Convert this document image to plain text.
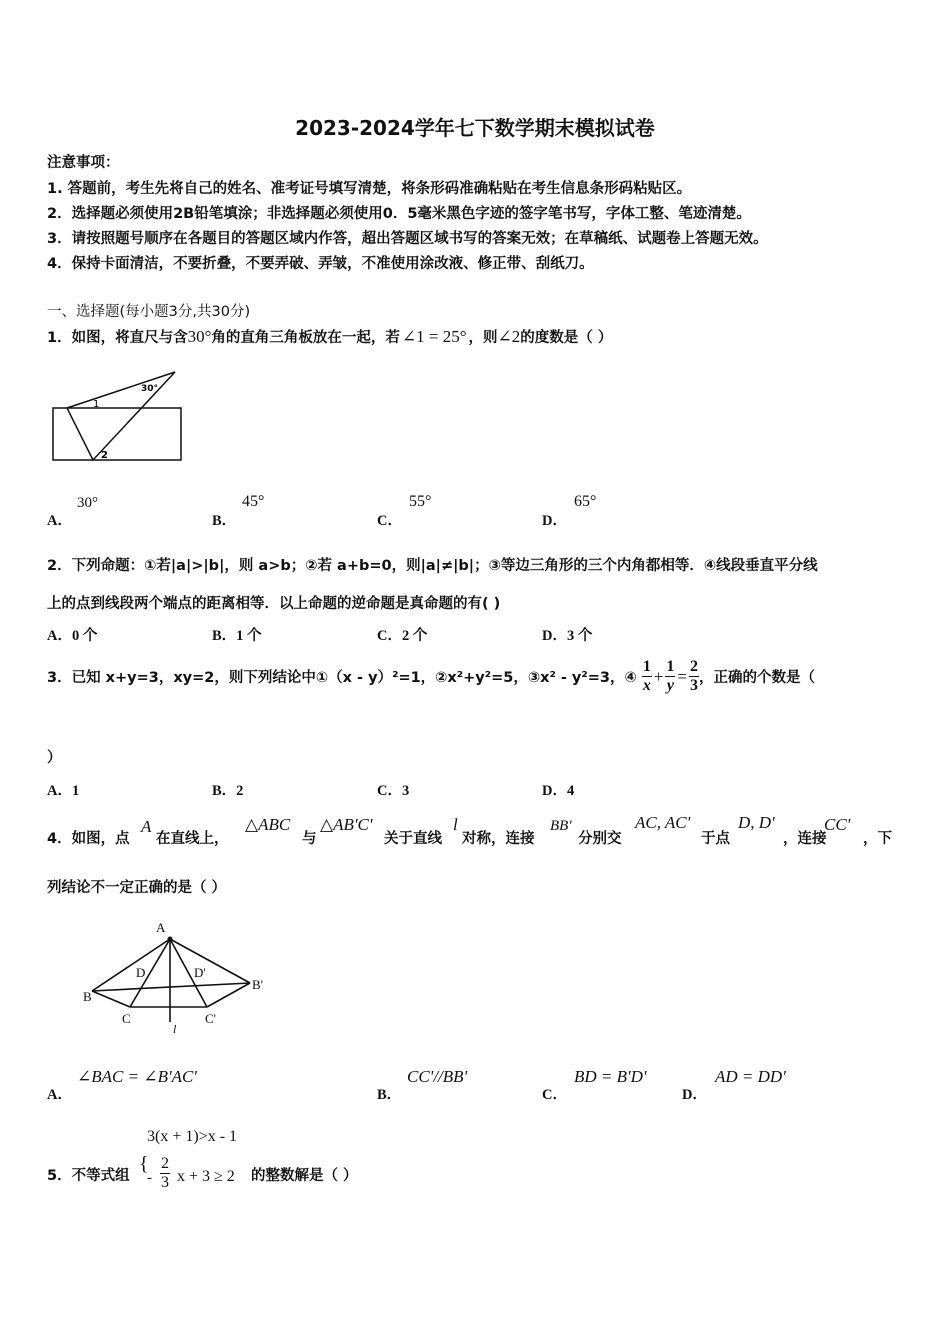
2023-2024学年七下数学期末模拟试卷
注意事项：
1. 答题前，考生先将自己的姓名、准考证号填写清楚，将条形码准确粘贴在考生信息条形码粘贴区。
2．选择题必须使用2B铅笔填涂；非选择题必须使用0．5毫米黑色字迹的签字笔书写，字体工整、笔迹清楚。
3．请按照题号顺序在各题目的答题区域内作答，超出答题区域书写的答案无效；在草稿纸、试题卷上答题无效。
4．保持卡面清洁，不要折叠，不要弄破、弄皱，不准使用涂改液、修正带、刮纸刀。
一、选择题(每小题3分,共30分)
1．如图，将直尺与含30°角的直角三角板放在一起，若 ∠1 = 25° ，则∠2的度数是（ ）
30°
1
2
A．
30°
B．
45°
C．
55°
D．
65°
2．下列命题：①若|a|>|b|，则 a>b；②若 a+b=0，则|a|≠|b|；③等边三角形的三个内角都相等．④线段垂直平分线
上的点到线段两个端点的距离相等．以上命题的逆命题是真命题的有( )
A．0 个	B．1 个	C．2 个	D．3 个
3．已知 x+y=3，xy=2，则下列结论中①（x - y）²=1，②x²+y²=5，③x² - y²=3，④ $\frac{1}{x} + \frac{1}{y} = \frac{2}{3}$ ，正确的个数是（
）
A．1	B．2	C．3	D．4
4．如图，点
A
在直线上，
△ABC
与
△AB'C'
关于直线
l
对称，连接
BB'
分别交
AC, AC'
于点
D, D'
，连接
CC'
，下
列结论不一定正确的是（ ）
A
B
B'
C	C'
D	D'
l
A．
∠BAC = ∠B'AC'
B．
CC'//BB'
C．
BD = B'D'
D．
AD = DD'
5．不等式组
{
3(x + 1)>x - 1
- $\frac{2}{3}$ x + 3 ≥ 2 的整数解是（ ）
